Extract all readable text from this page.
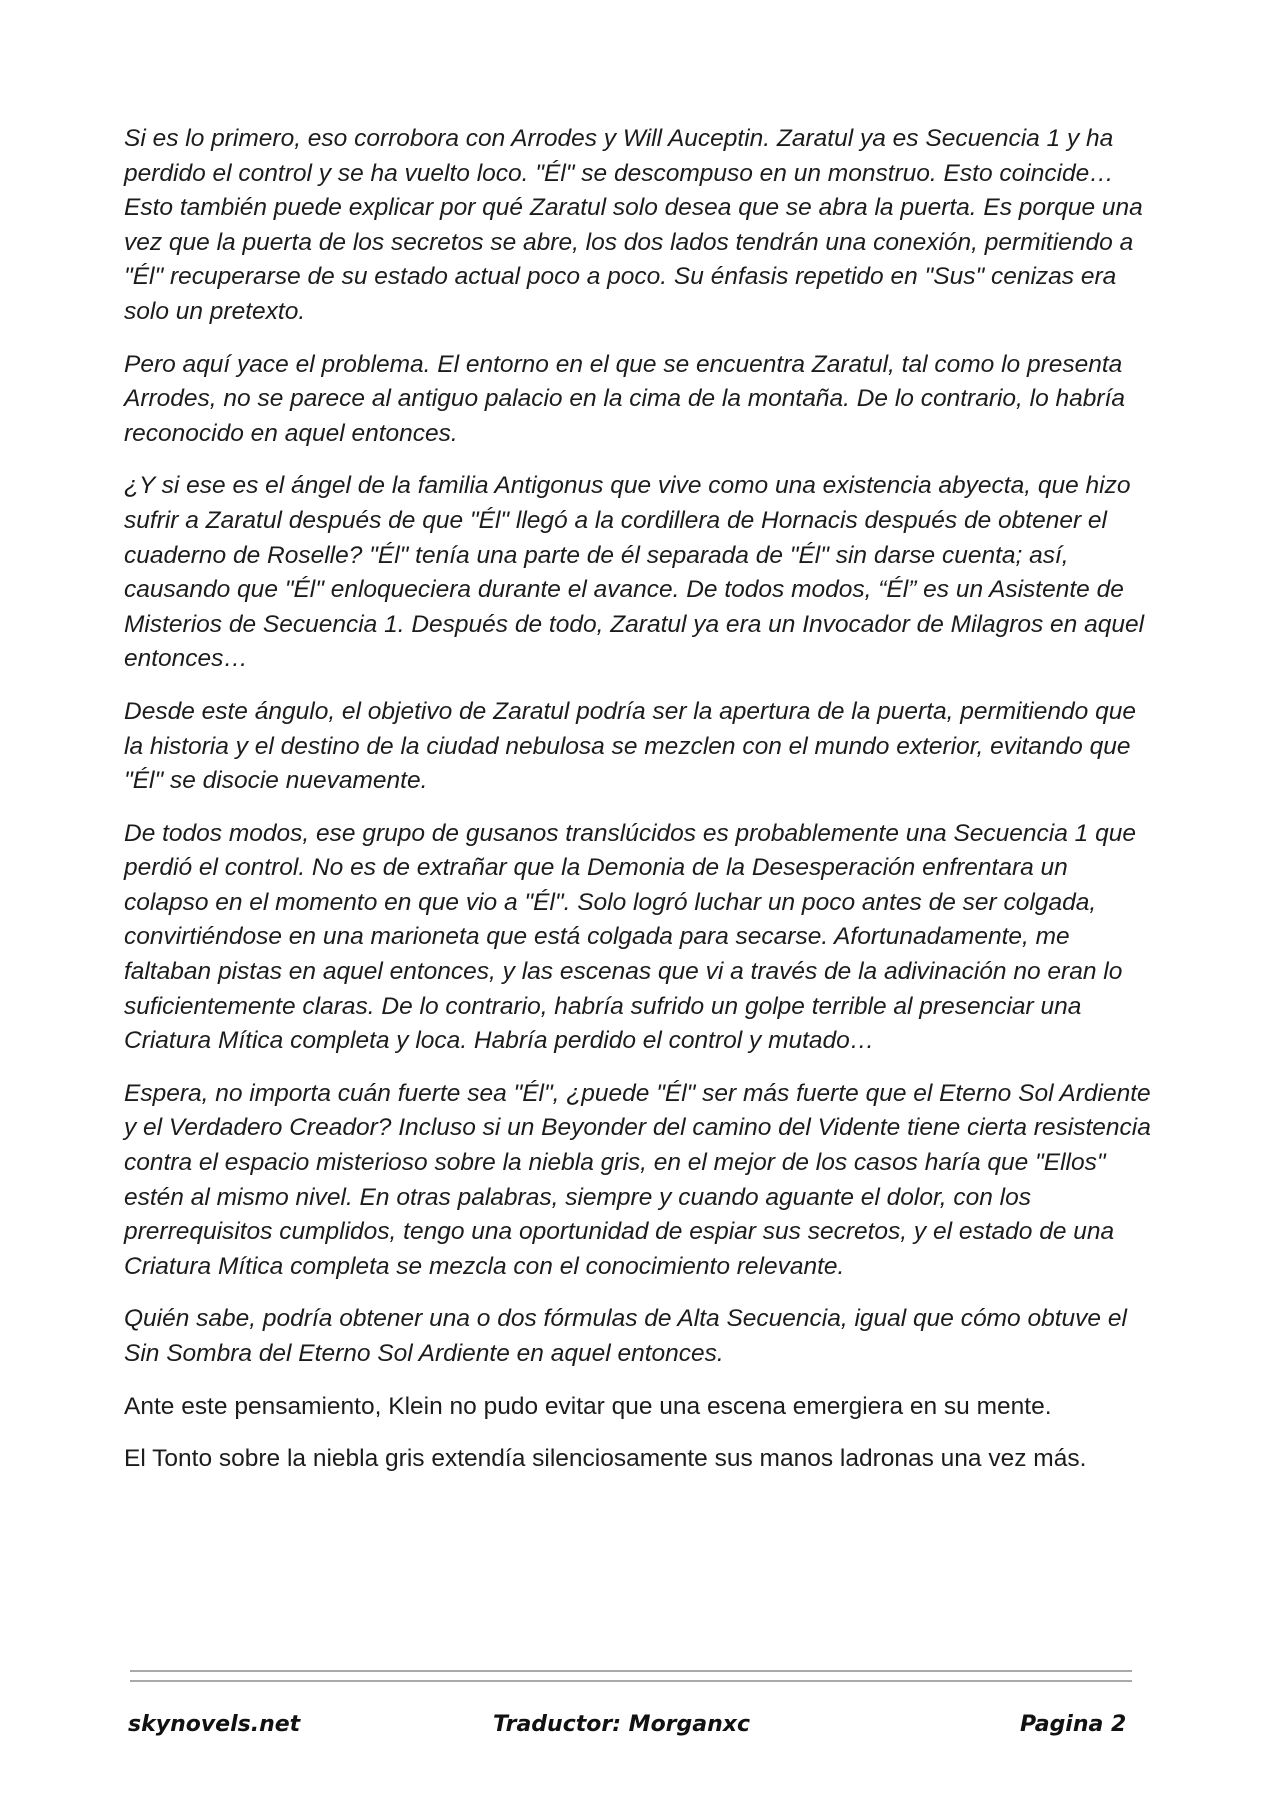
Si es lo primero, eso corrobora con Arrodes y Will Auceptin. Zaratul ya es Secuencia 1 y ha perdido el control y se ha vuelto loco. "Él" se descompuso en un monstruo. Esto coincide… Esto también puede explicar por qué Zaratul solo desea que se abra la puerta. Es porque una vez que la puerta de los secretos se abre, los dos lados tendrán una conexión, permitiendo a "Él" recuperarse de su estado actual poco a poco. Su énfasis repetido en "Sus" cenizas era solo un pretexto.

Pero aquí yace el problema. El entorno en el que se encuentra Zaratul, tal como lo presenta Arrodes, no se parece al antiguo palacio en la cima de la montaña. De lo contrario, lo habría reconocido en aquel entonces.

¿Y si ese es el ángel de la familia Antigonus que vive como una existencia abyecta, que hizo sufrir a Zaratul después de que "Él" llegó a la cordillera de Hornacis después de obtener el cuaderno de Roselle? "Él" tenía una parte de él separada de "Él" sin darse cuenta; así, causando que "Él" enloqueciera durante el avance. De todos modos, “Él” es un Asistente de Misterios de Secuencia 1. Después de todo, Zaratul ya era un Invocador de Milagros en aquel entonces…

Desde este ángulo, el objetivo de Zaratul podría ser la apertura de la puerta, permitiendo que la historia y el destino de la ciudad nebulosa se mezclen con el mundo exterior, evitando que "Él" se disocie nuevamente.

De todos modos, ese grupo de gusanos translúcidos es probablemente una Secuencia 1 que perdió el control. No es de extrañar que la Demonia de la Desesperación enfrentara un colapso en el momento en que vio a "Él". Solo logró luchar un poco antes de ser colgada, convirtiéndose en una marioneta que está colgada para secarse. Afortunadamente, me faltaban pistas en aquel entonces, y las escenas que vi a través de la adivinación no eran lo suficientemente claras. De lo contrario, habría sufrido un golpe terrible al presenciar una Criatura Mítica completa y loca. Habría perdido el control y mutado…

Espera, no importa cuán fuerte sea "Él", ¿puede "Él" ser más fuerte que el Eterno Sol Ardiente y el Verdadero Creador? Incluso si un Beyonder del camino del Vidente tiene cierta resistencia contra el espacio misterioso sobre la niebla gris, en el mejor de los casos haría que "Ellos" estén al mismo nivel. En otras palabras, siempre y cuando aguante el dolor, con los prerrequisitos cumplidos, tengo una oportunidad de espiar sus secretos, y el estado de una Criatura Mítica completa se mezcla con el conocimiento relevante.

Quién sabe, podría obtener una o dos fórmulas de Alta Secuencia, igual que cómo obtuve el Sin Sombra del Eterno Sol Ardiente en aquel entonces.

Ante este pensamiento, Klein no pudo evitar que una escena emergiera en su mente.

El Tonto sobre la niebla gris extendía silenciosamente sus manos ladronas una vez más.

skynovels.net	Traductor: Morganxc	Pagina 2
